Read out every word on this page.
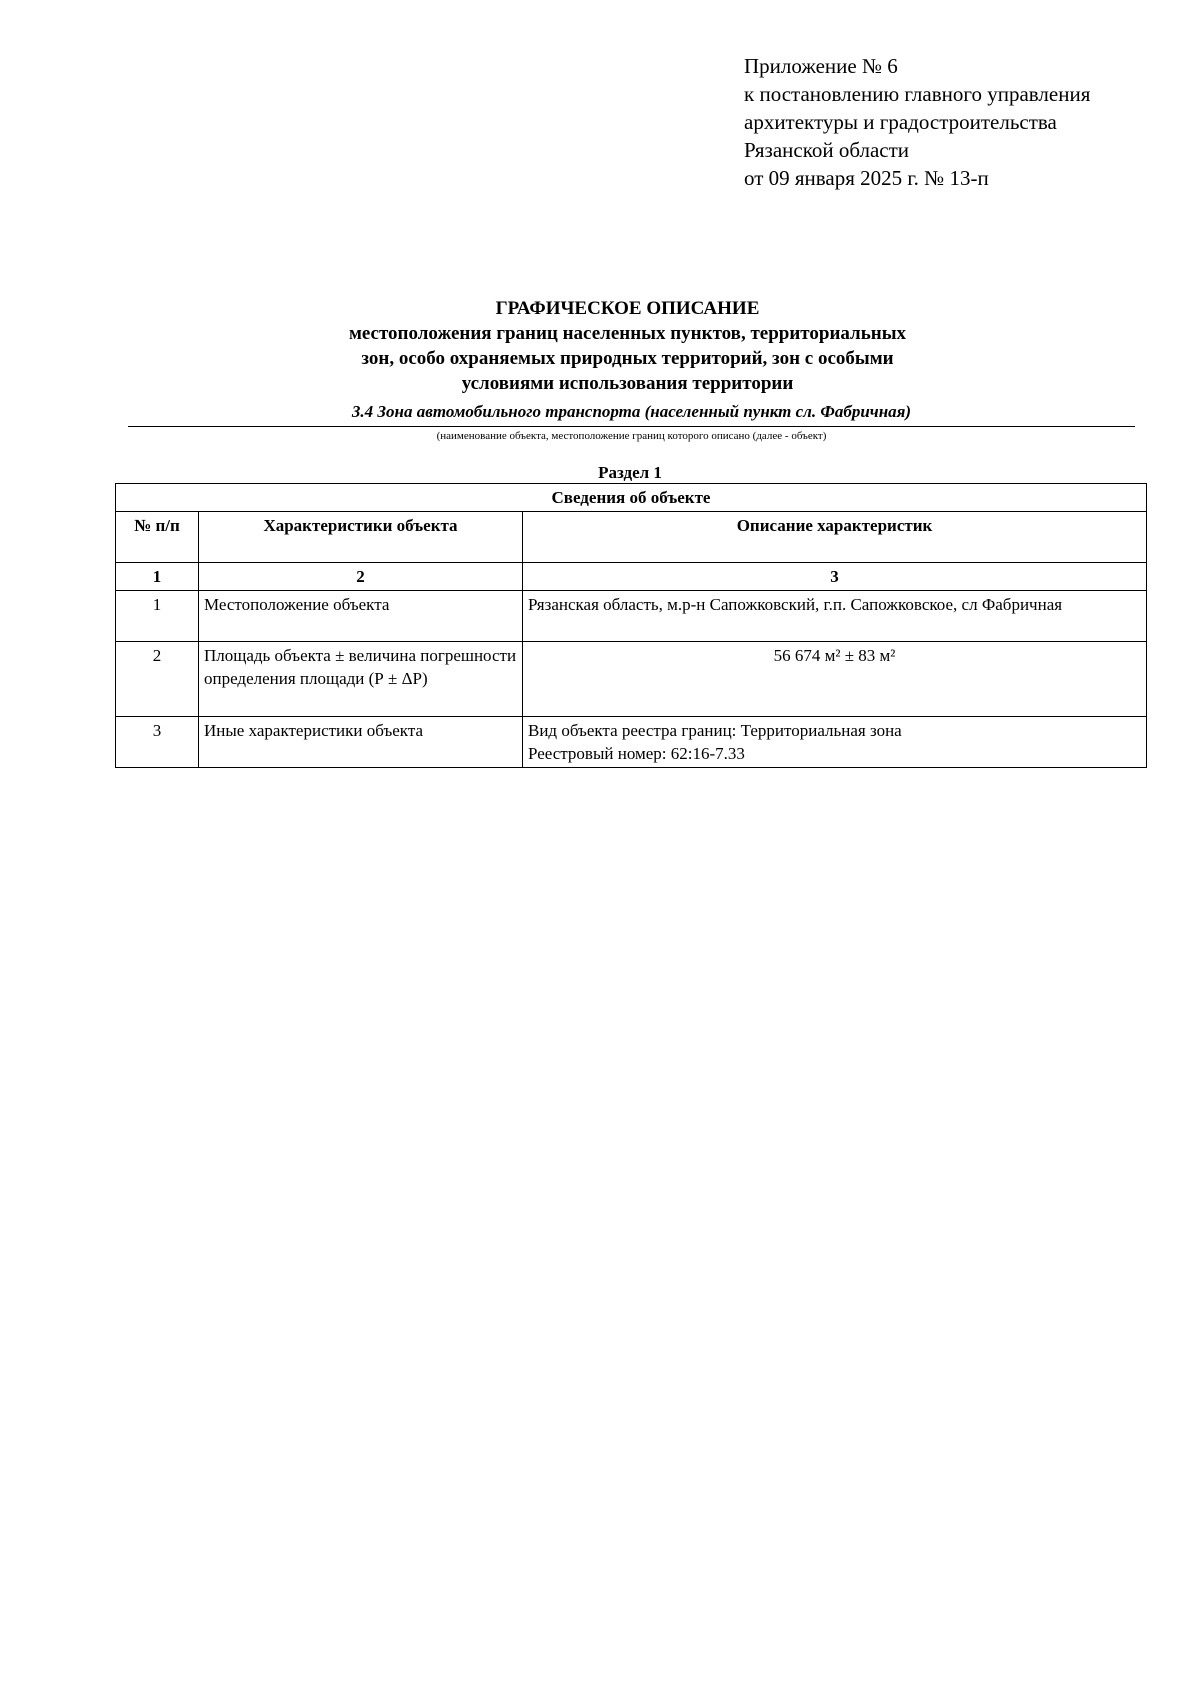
Приложение № 6
к постановлению главного управления
архитектуры и градостроительства
Рязанской области
от 09 января 2025 г. № 13-п
ГРАФИЧЕСКОЕ ОПИСАНИЕ
местоположения границ населенных пунктов, территориальных
зон, особо охраняемых природных территорий, зон с особыми
условиями использования территории
3.4 Зона автомобильного транспорта (населенный пункт сл. Фабричная)
(наименование объекта, местоположение границ которого описано (далее - объект)
Раздел 1
Сведения об объекте		
№ п/п	Характеристики объекта	Описание характеристик
1	2	3
1	Местоположение объекта	Рязанская область, м.р-н Сапожковский, г.п. Сапожковское, сл Фабричная
2	Площадь объекта ± величина погрешности определения площади (Р ± ΔР)	56 674 м² ± 83 м²
3	Иные характеристики объекта	Вид объекта реестра границ: Территориальная зона
Реестровый номер: 62:16-7.33
